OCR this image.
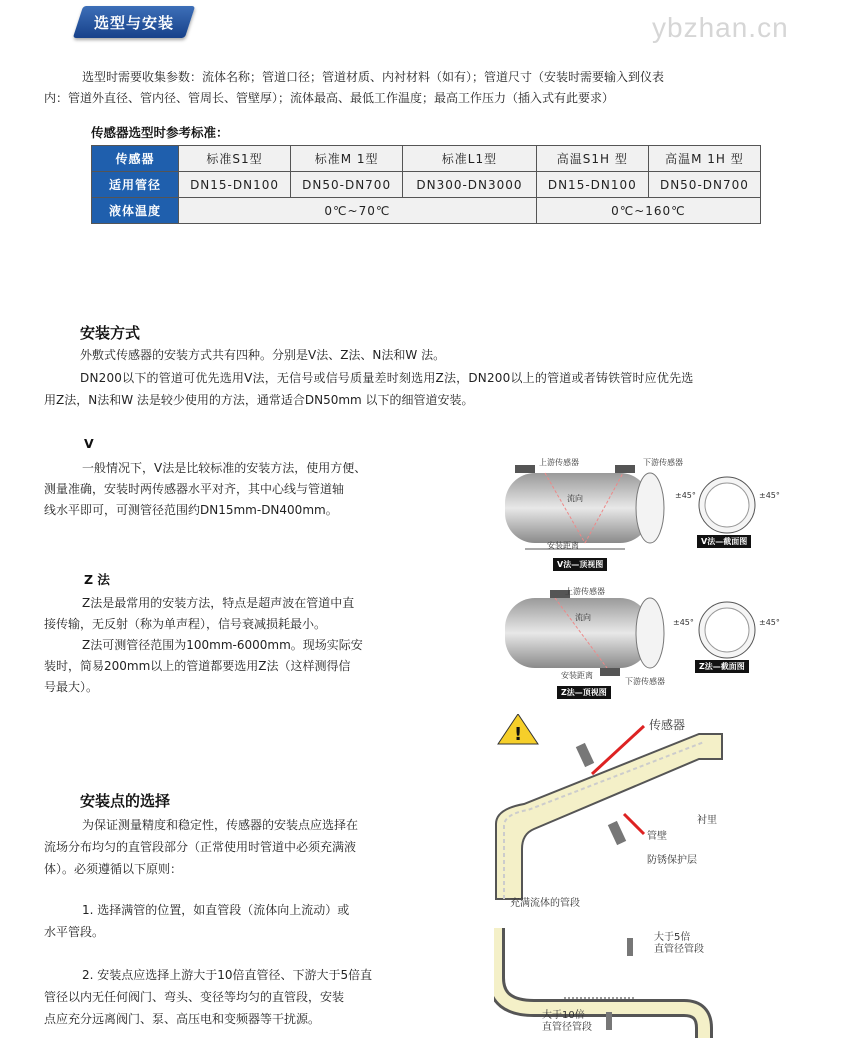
选型与安装	ybzhan.cn
选型时需要收集参数：流体名称；管道口径；管道材质、内衬材料（如有）；管道尺寸（安装时需要输入到仪表
内：管道外直径、管内径、管周长、管壁厚）；流体最高、最低工作温度；最高工作压力（插入式有此要求）
传感器选型时参考标准：
传感器	标准S1型	标准M 1型	标准L1型	高温S1H 型	高温M 1H 型
适用管径	DN15-DN100	DN50-DN700	DN300-DN3000	DN15-DN100	DN50-DN700
液体温度	0℃~70℃			0℃~160℃	
安装方式
外敷式传感器的安装方式共有四种。分别是V法、Z法、N法和W 法。
DN200以下的管道可优先选用V法，无信号或信号质量差时刻选用Z法，DN200以上的管道或者铸铁管时应优先选
用Z法，N法和W 法是较少使用的方法，通常适合DN50mm 以下的细管道安装。
V
一般情况下，V法是比较标准的安装方法，使用方便、
测量准确，安装时两传感器水平对齐，其中心线与管道轴
线水平即可，可测管径范围约DN15mm-DN400mm。
Z 法
Z法是最常用的安装方法，特点是超声波在管道中直
接传输，无反射（称为单声程），信号衰减损耗最小。
Z法可测管径范围为100mm-6000mm。现场实际安
装时，简易200mm以上的管道都要选用Z法（这样测得信
号最大）。
安装点的选择
为保证测量精度和稳定性，传感器的安装点应选择在
流场分布均匀的直管段部分（正常使用时管道中必须充满液
体）。必须遵循以下原则：
1. 选择满管的位置，如直管段（流体向上流动）或
水平管段。
2. 安装点应选择上游大于10倍直管径、下游大于5倍直
管径以内无任何阀门、弯头、变径等均匀的直管段，安装
点应充分远离阀门、泵、高压电和变频器等干扰源。
上游传感器	下游传感器
流向
安装距离
±45°	±45°
V法—顶视图
V法—截面图
上游传感器
流向
安装距离
下游传感器
±45°	±45°
Z法—顶视图
Z法—截面图
!	传感器
衬里
管壁
防锈保护层
充满流体的管段
大于5倍
直管径管段
大于10倍
直管径管段
